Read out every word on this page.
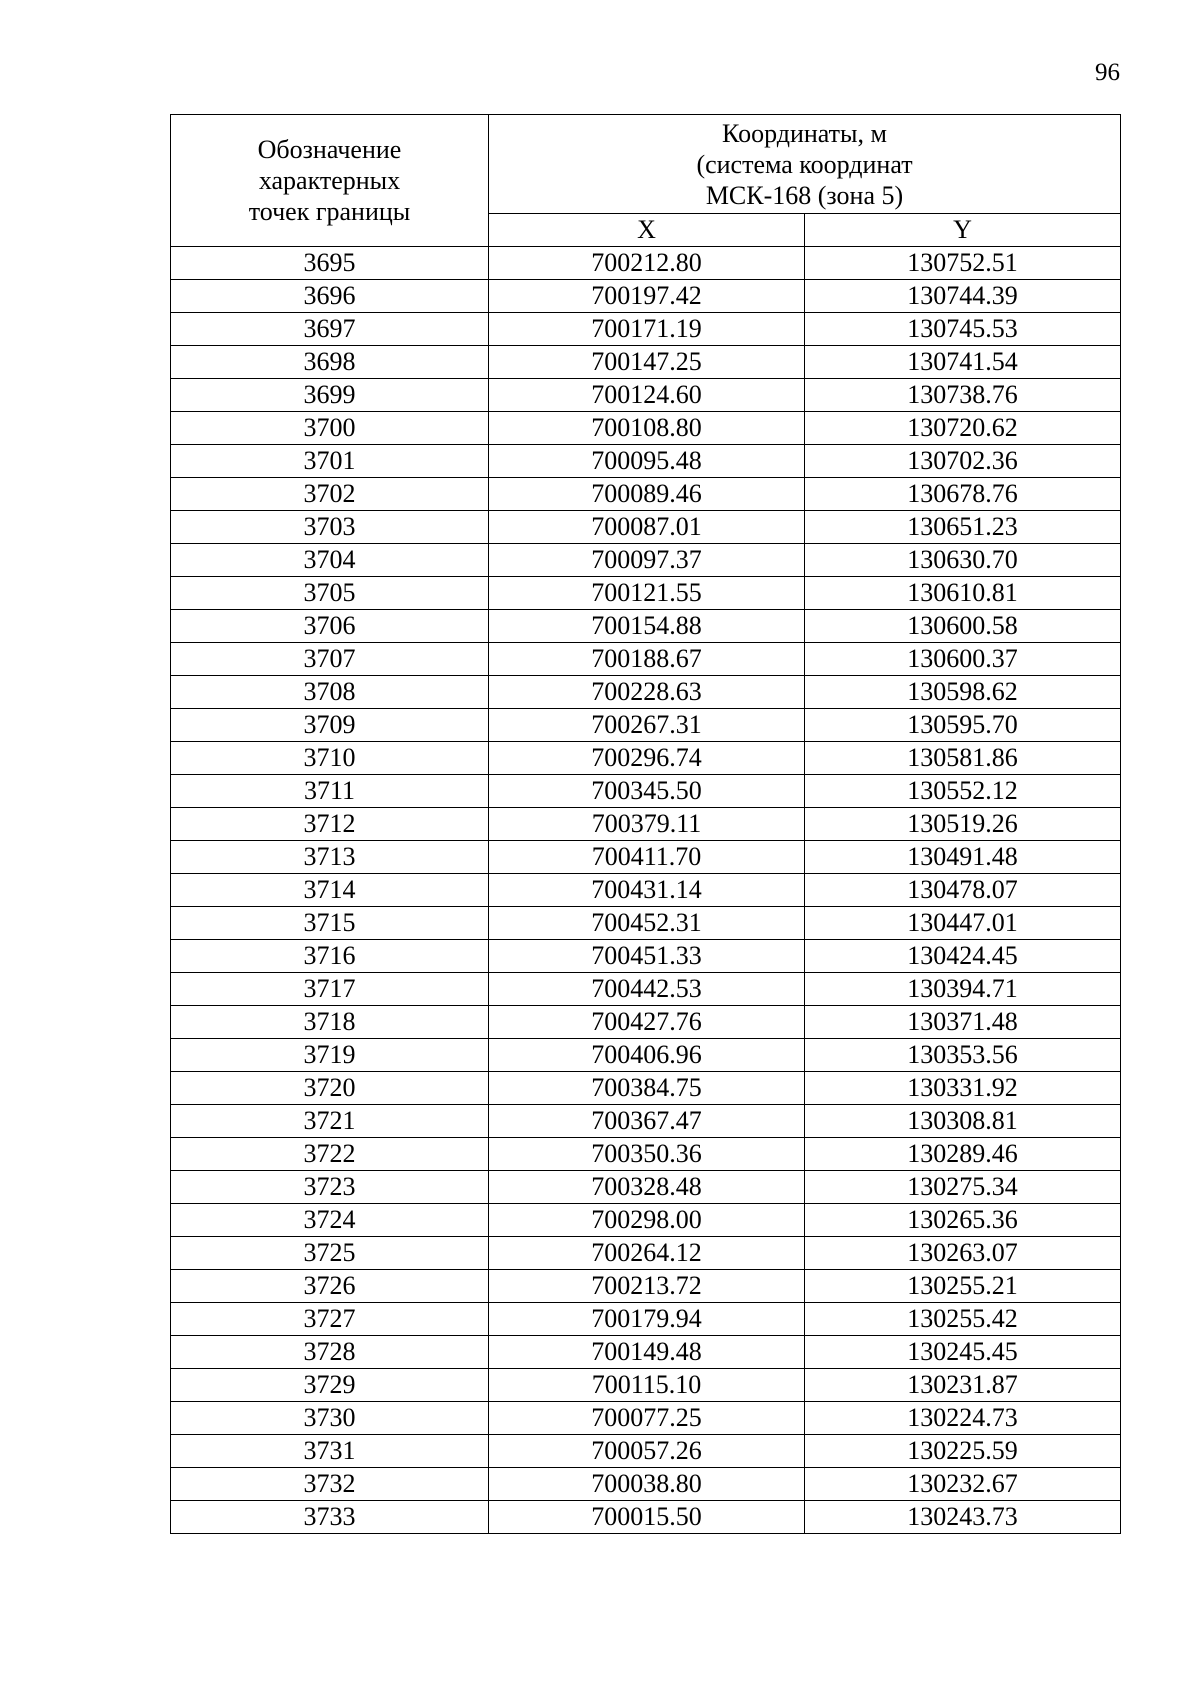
96
Обозначение
характерных
точек границы	Координаты, м
(система координат
МСК-168 (зона 5)	

	X	Y
3695	700212.80	130752.51
3696	700197.42	130744.39
3697	700171.19	130745.53
3698	700147.25	130741.54
3699	700124.60	130738.76
3700	700108.80	130720.62
3701	700095.48	130702.36
3702	700089.46	130678.76
3703	700087.01	130651.23
3704	700097.37	130630.70
3705	700121.55	130610.81
3706	700154.88	130600.58
3707	700188.67	130600.37
3708	700228.63	130598.62
3709	700267.31	130595.70
3710	700296.74	130581.86
3711	700345.50	130552.12
3712	700379.11	130519.26
3713	700411.70	130491.48
3714	700431.14	130478.07
3715	700452.31	130447.01
3716	700451.33	130424.45
3717	700442.53	130394.71
3718	700427.76	130371.48
3719	700406.96	130353.56
3720	700384.75	130331.92
3721	700367.47	130308.81
3722	700350.36	130289.46
3723	700328.48	130275.34
3724	700298.00	130265.36
3725	700264.12	130263.07
3726	700213.72	130255.21
3727	700179.94	130255.42
3728	700149.48	130245.45
3729	700115.10	130231.87
3730	700077.25	130224.73
3731	700057.26	130225.59
3732	700038.80	130232.67
3733	700015.50	130243.73
